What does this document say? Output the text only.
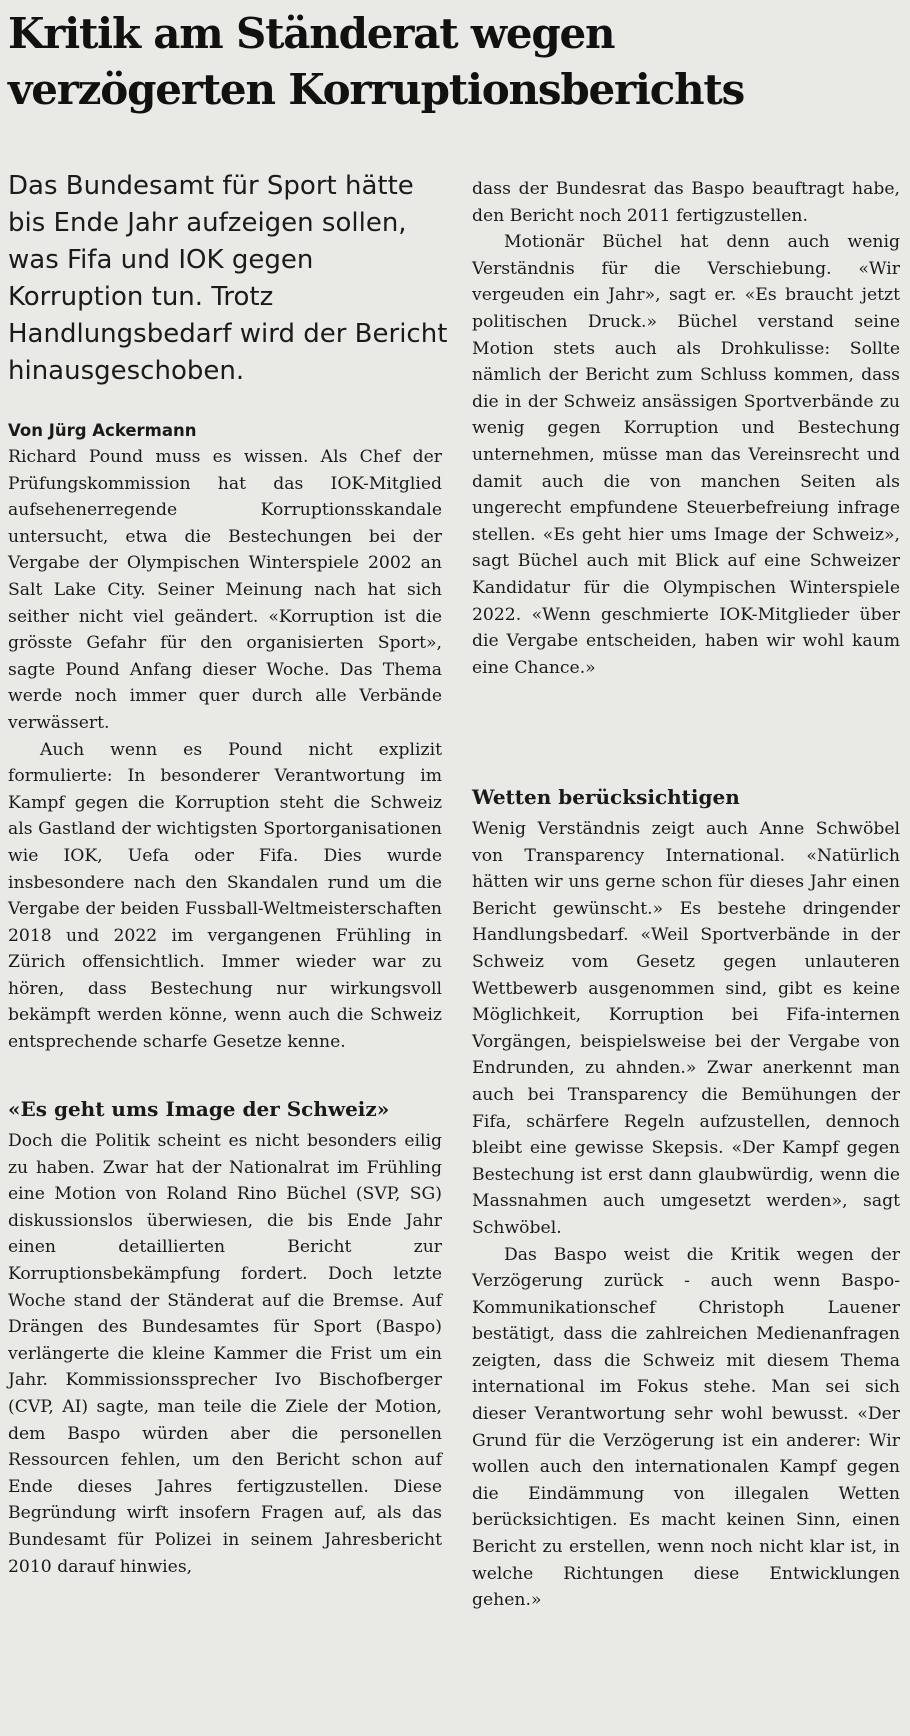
Kritik am Ständerat wegen
verzögerten Korruptionsberichts

Das Bundesamt für Sport hätte bis Ende Jahr aufzeigen sollen, was Fifa und IOK gegen Korruption tun. Trotz Handlungsbedarf wird der Bericht hinausgeschoben.

Von Jürg Ackermann

Richard Pound muss es wissen. Als Chef der Prüfungskommission hat das IOK-Mitglied aufsehenerregende Korruptionsskandale untersucht, etwa die Bestechungen bei der Vergabe der Olympischen Winterspiele 2002 an Salt Lake City. Seiner Meinung nach hat sich seither nicht viel geändert. «Korruption ist die grösste Gefahr für den organisierten Sport», sagte Pound Anfang dieser Woche. Das Thema werde noch immer quer durch alle Verbände verwässert.

Auch wenn es Pound nicht explizit formulierte: In besonderer Verantwortung im Kampf gegen die Korruption steht die Schweiz als Gastland der wichtigsten Sportorganisationen wie IOK, Uefa oder Fifa. Dies wurde insbesondere nach den Skandalen rund um die Vergabe der beiden Fussball-Weltmeisterschaften 2018 und 2022 im vergangenen Frühling in Zürich offensichtlich. Immer wieder war zu hören, dass Bestechung nur wirkungsvoll bekämpft werden könne, wenn auch die Schweiz entsprechende scharfe Gesetze kenne.

«Es geht ums Image der Schweiz»

Doch die Politik scheint es nicht besonders eilig zu haben. Zwar hat der Nationalrat im Frühling eine Motion von Roland Rino Büchel (SVP, SG) diskussionslos überwiesen, die bis Ende Jahr einen detaillierten Bericht zur Korruptionsbekämpfung fordert. Doch letzte Woche stand der Ständerat auf die Bremse. Auf Drängen des Bundesamtes für Sport (Baspo) verlängerte die kleine Kammer die Frist um ein Jahr. Kommissionssprecher Ivo Bischofberger (CVP, AI) sagte, man teile die Ziele der Motion, dem Baspo würden aber die personellen Ressourcen fehlen, um den Bericht schon auf Ende dieses Jahres fertigzustellen. Diese Begründung wirft insofern Fragen auf, als das Bundesamt für Polizei in seinem Jahresbericht 2010 darauf hinwies,

dass der Bundesrat das Baspo beauftragt habe, den Bericht noch 2011 fertigzustellen.

Motionär Büchel hat denn auch wenig Verständnis für die Verschiebung. «Wir vergeuden ein Jahr», sagt er. «Es braucht jetzt politischen Druck.» Büchel verstand seine Motion stets auch als Drohkulisse: Sollte nämlich der Bericht zum Schluss kommen, dass die in der Schweiz ansässigen Sportverbände zu wenig gegen Korruption und Bestechung unternehmen, müsse man das Vereinsrecht und damit auch die von manchen Seiten als ungerecht empfundene Steuerbefreiung infrage stellen. «Es geht hier ums Image der Schweiz», sagt Büchel auch mit Blick auf eine Schweizer Kandidatur für die Olympischen Winterspiele 2022. «Wenn geschmierte IOK-Mitglieder über die Vergabe entscheiden, haben wir wohl kaum eine Chance.»

Wetten berücksichtigen

Wenig Verständnis zeigt auch Anne Schwöbel von Transparency International. «Natürlich hätten wir uns gerne schon für dieses Jahr einen Bericht gewünscht.» Es bestehe dringender Handlungsbedarf. «Weil Sportverbände in der Schweiz vom Gesetz gegen unlauteren Wettbewerb ausgenommen sind, gibt es keine Möglichkeit, Korruption bei Fifa-internen Vorgängen, beispielsweise bei der Vergabe von Endrunden, zu ahnden.» Zwar anerkennt man auch bei Transparency die Bemühungen der Fifa, schärfere Regeln aufzustellen, dennoch bleibt eine gewisse Skepsis. «Der Kampf gegen Bestechung ist erst dann glaubwürdig, wenn die Massnahmen auch umgesetzt werden», sagt Schwöbel.

Das Baspo weist die Kritik wegen der Verzögerung zurück - auch wenn Baspo-Kommunikationschef Christoph Lauener bestätigt, dass die zahlreichen Medienanfragen zeigten, dass die Schweiz mit diesem Thema international im Fokus stehe. Man sei sich dieser Verantwortung sehr wohl bewusst. «Der Grund für die Verzögerung ist ein anderer: Wir wollen auch den internationalen Kampf gegen die Eindämmung von illegalen Wetten berücksichtigen. Es macht keinen Sinn, einen Bericht zu erstellen, wenn noch nicht klar ist, in welche Richtungen diese Entwicklungen gehen.»
